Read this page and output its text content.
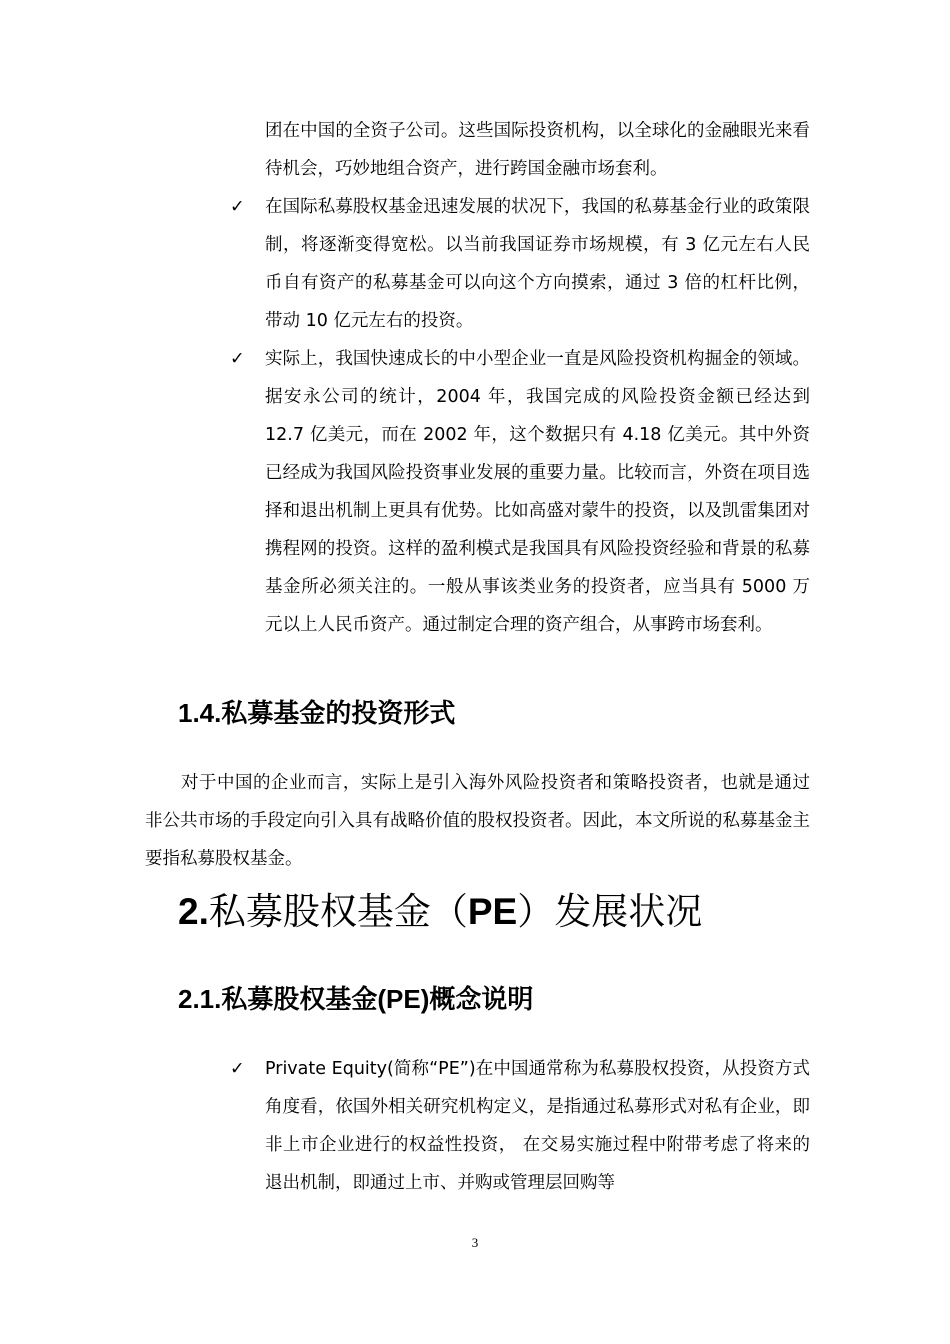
团在中国的全资子公司。这些国际投资机构，以全球化的金融眼光来看待机会，巧妙地组合资产，进行跨国金融市场套利。
✓	在国际私募股权基金迅速发展的状况下，我国的私募基金行业的政策限制，将逐渐变得宽松。以当前我国证券市场规模，有 3 亿元左右人民币自有资产的私募基金可以向这个方向摸索，通过 3 倍的杠杆比例，带动 10 亿元左右的投资。
✓	实际上，我国快速成长的中小型企业一直是风险投资机构掘金的领域。据安永公司的统计，2004 年，我国完成的风险投资金额已经达到 12.7 亿美元，而在 2002 年，这个数据只有 4.18 亿美元。其中外资已经成为我国风险投资事业发展的重要力量。比较而言，外资在项目选择和退出机制上更具有优势。比如高盛对蒙牛的投资，以及凯雷集团对携程网的投资。这样的盈利模式是我国具有风险投资经验和背景的私募基金所必须关注的。一般从事该类业务的投资者，应当具有 5000 万元以上人民币资产。通过制定合理的资产组合，从事跨市场套利。
1.4.私募基金的投资形式
对于中国的企业而言，实际上是引入海外风险投资者和策略投资者，也就是通过非公共市场的手段定向引入具有战略价值的股权投资者。因此，本文所说的私募基金主要指私募股权基金。
2.私募股权基金（PE）发展状况
2.1.私募股权基金(PE)概念说明
✓	Private Equity(简称“PE”)在中国通常称为私募股权投资，从投资方式角度看，依国外相关研究机构定义，是指通过私募形式对私有企业，即非上市企业进行的权益性投资， 在交易实施过程中附带考虑了将来的退出机制，即通过上市、并购或管理层回购等
3
